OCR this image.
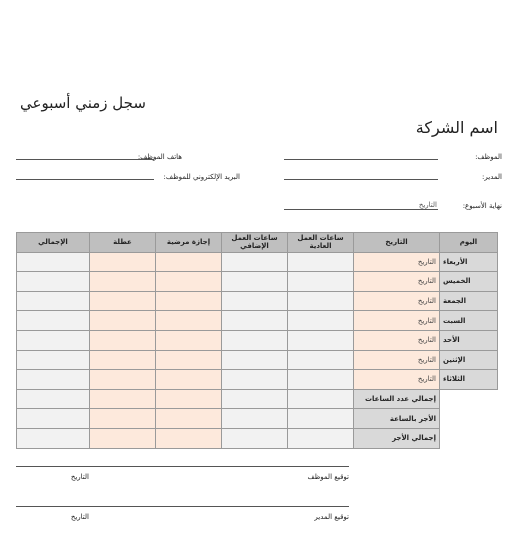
سجل زمني أسبوعي
اسم الشركة
الموظف:
المدير:
هاتف الموظف:
البريد الإلكتروني للموظف:
نهاية الأسبوع:
التاريخ
اليوم	التاريخ	ساعات العمل العادية	ساعات العمل الإضافي	إجازة مرضية	عطلة	الإجمالي
الأربعاء	التاريخ					
الخميس	التاريخ					
الجمعة	التاريخ					
السبت	التاريخ					
الأحد	التاريخ					
الإثنين	التاريخ					
الثلاثاء	التاريخ					
	إجمالي عدد الساعات					
	الأجر بالساعة					
	إجمالي الأجر					
توقيع الموظف
التاريخ
توقيع المدير
التاريخ
